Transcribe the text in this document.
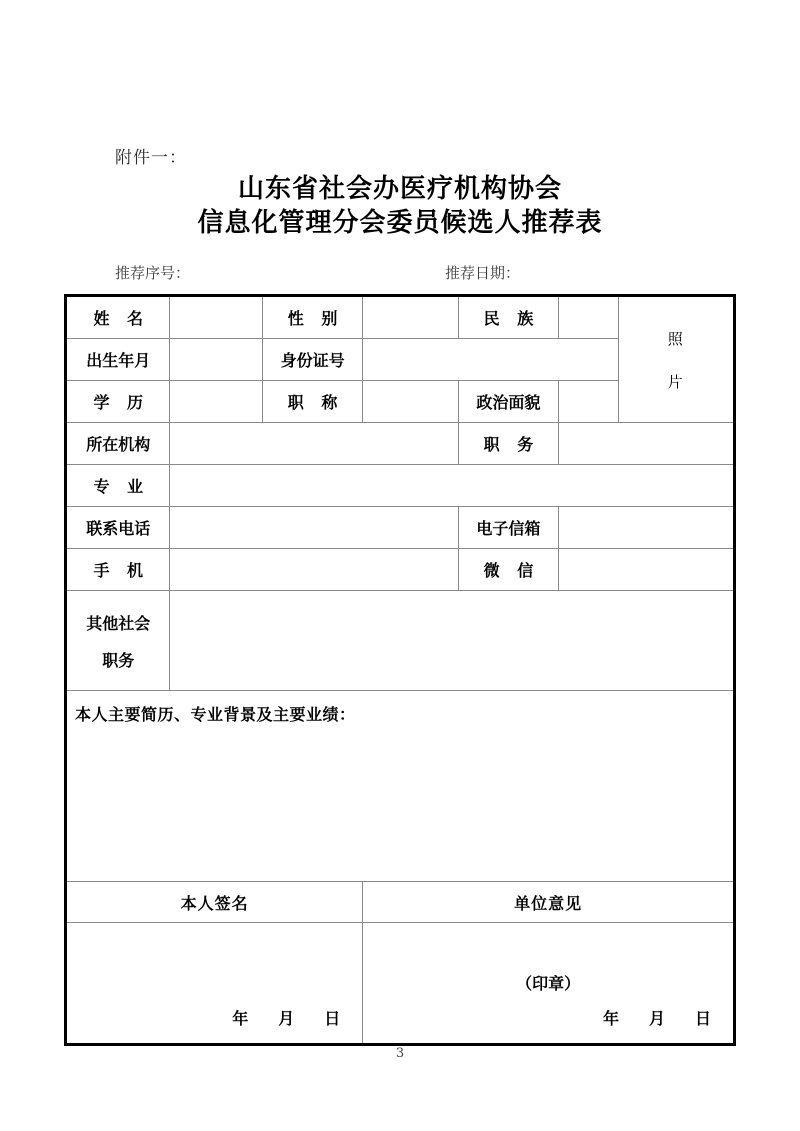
附件一：
山东省社会办医疗机构协会
信息化管理分会委员候选人推荐表
推荐序号：	推荐日期：
姓 名		性 别		民 族		照
片

出生年月		身份证号				
学 历		职 称		政治面貌		
所在机构				职 务		
专 业						
联系电话				电子信箱		
手 机				微 信		

其他社会
职务						

本人主要简历、专业背景及主要业绩：						

本人签名			单位意见			

年 月 日			（印章）
年 月 日			
3
